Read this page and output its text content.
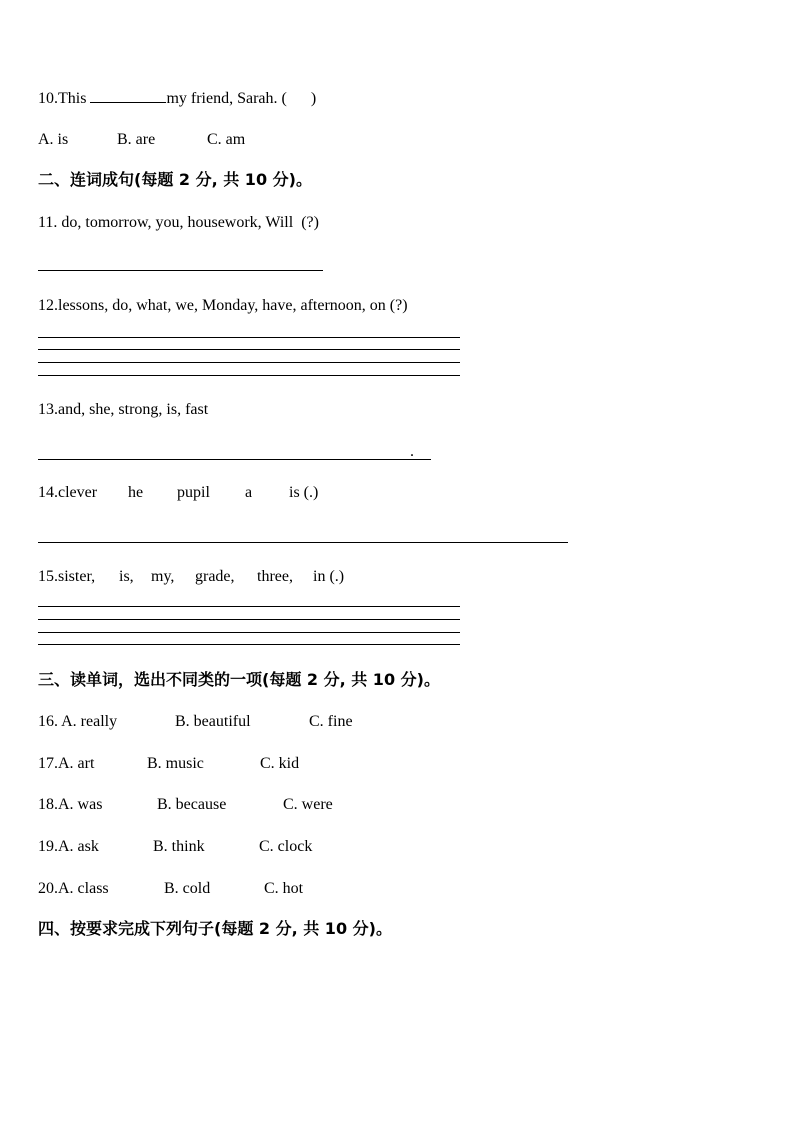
10.This	my friend, Sarah. ( )
A. is	B. are	C. am
二、连词成句(每题 2 分, 共 10 分)。
11. do, tomorrow, you, housework, Will  (?)
12.lessons, do, what, we, Monday, have, afternoon, on (?)
13.and, she, strong, is, fast
.
14.clever he pupil a is (.)
15.sister, is, my, grade, three, in (.)
三、读单词，选出不同类的一项(每题 2 分, 共 10 分)。
16. A. really	B. beautiful	C. fine
17.A. art	B. music	C. kid
18.A. was	B. because	C. were
19.A. ask	B. think	C. clock
20.A. class	B. cold	C. hot
四、按要求完成下列句子(每题 2 分, 共 10 分)。
